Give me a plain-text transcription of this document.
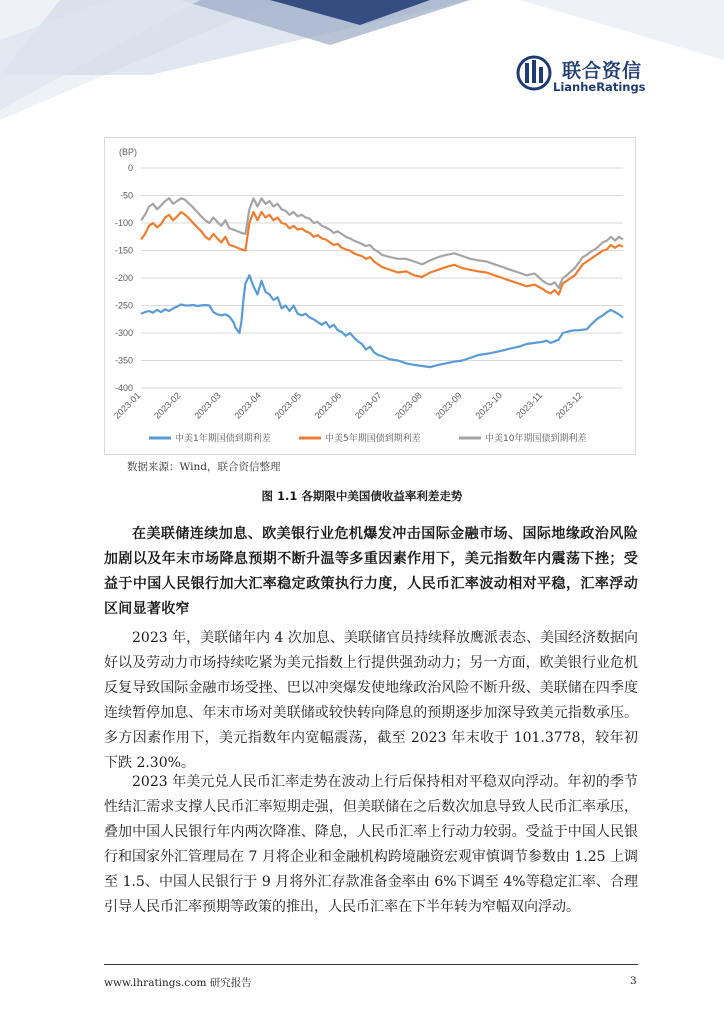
联合资信
LianheRatings
(BP)
0
-50
-100
-150
-200
-250
-300
-350
-400
2023-01 2023-02 2023-03 2023-04 2023-05 2023-06 2023-07 2023-08 2023-09 2023-10 2023-11 2023-12
中美1年期国债到期利差	中美5年期国债到期利差	中美10年期国债到期利差
数据来源：Wind，联合资信整理
图 1.1 各期限中美国债收益率利差走势

在美联储连续加息、欧美银行业危机爆发冲击国际金融市场、国际地缘政治风险加剧以及年末市场降息预期不断升温等多重因素作用下，美元指数年内震荡下挫；受益于中国人民银行加大汇率稳定政策执行力度，人民币汇率波动相对平稳，汇率浮动区间显著收窄

2023 年，美联储年内 4 次加息、美联储官员持续释放鹰派表态、美国经济数据向好以及劳动力市场持续吃紧为美元指数上行提供强劲动力；另一方面，欧美银行业危机反复导致国际金融市场受挫、巴以冲突爆发使地缘政治风险不断升级、美联储在四季度连续暂停加息、年末市场对美联储或较快转向降息的预期逐步加深导致美元指数承压。多方因素作用下，美元指数年内宽幅震荡，截至 2023 年末收于 101.3778，较年初下跌 2.30%。

2023 年美元兑人民币汇率走势在波动上行后保持相对平稳双向浮动。年初的季节性结汇需求支撑人民币汇率短期走强，但美联储在之后数次加息导致人民币汇率承压，叠加中国人民银行年内两次降准、降息，人民币汇率上行动力较弱。受益于中国人民银行和国家外汇管理局在 7 月将企业和金融机构跨境融资宏观审慎调节参数由 1.25 上调至 1.5、中国人民银行于 9 月将外汇存款准备金率由 6%下调至 4%等稳定汇率、合理引导人民币汇率预期等政策的推出，人民币汇率在下半年转为窄幅双向浮动。

www.lhratings.com 研究报告	3
